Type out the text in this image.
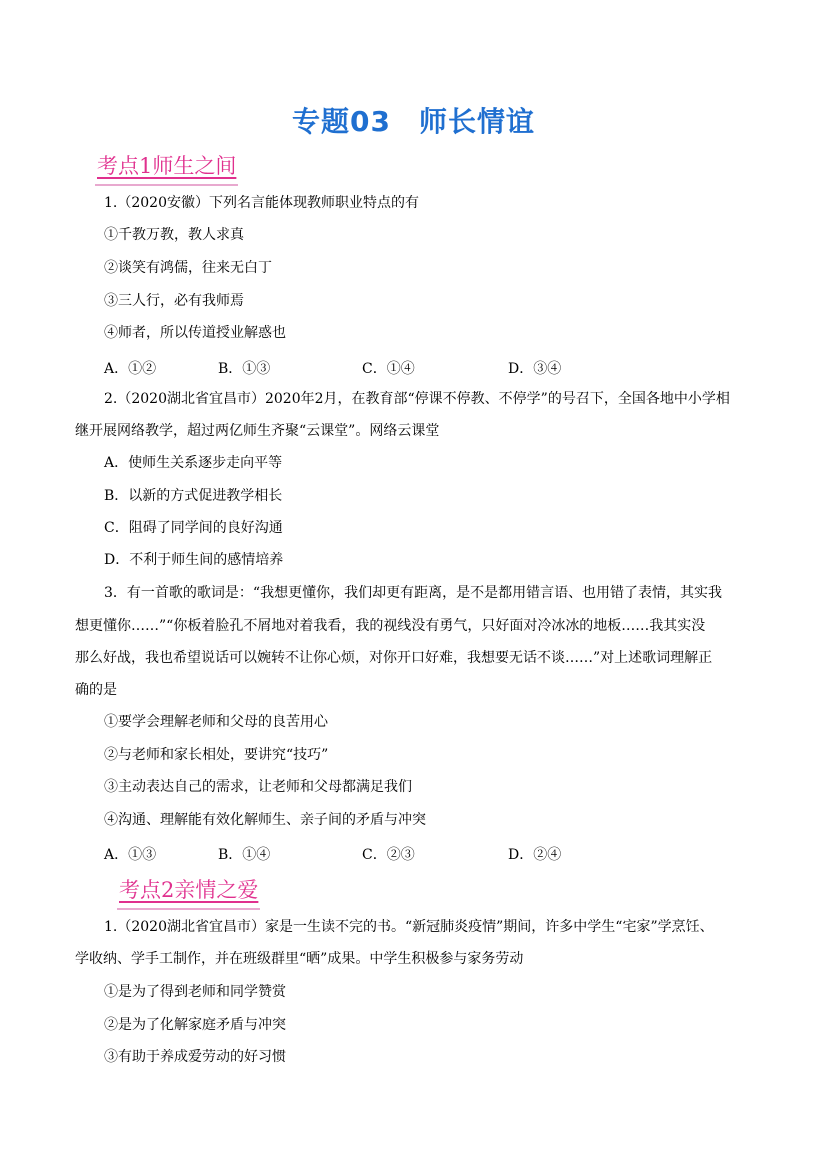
专题03 师长情谊
考点1师生之间
1.（2020安徽）下列名言能体现教师职业特点的有
①千教万教，教人求真
②谈笑有鸿儒，往来无白丁
③三人行，必有我师焉
④师者，所以传道授业解惑也
A．①②	B．①③	C．①④	D．③④
2.（2020湖北省宜昌市）2020年2月，在教育部“停课不停教、不停学”的号召下，全国各地中小学相
继开展网络教学，超过两亿师生齐聚“云课堂”。网络云课堂
A．使师生关系逐步走向平等
B．以新的方式促进教学相长
C．阻碍了同学间的良好沟通
D．不利于师生间的感情培养
3．有一首歌的歌词是：“我想更懂你，我们却更有距离，是不是都用错言语、也用错了表情，其实我
想更懂你……”“你板着脸孔不屑地对着我看，我的视线没有勇气，只好面对冷冰冰的地板……我其实没
那么好战，我也希望说话可以婉转不让你心烦，对你开口好难，我想要无话不谈……”对上述歌词理解正
确的是
①要学会理解老师和父母的良苦用心
②与老师和家长相处，要讲究“技巧”
③主动表达自己的需求，让老师和父母都满足我们
④沟通、理解能有效化解师生、亲子间的矛盾与冲突
A．①③	B．①④	C．②③	D．②④
考点2亲情之爱
1.（2020湖北省宜昌市）家是一生读不完的书。“新冠肺炎疫情”期间，许多中学生“宅家”学烹饪、
学收纳、学手工制作，并在班级群里“晒”成果。中学生积极参与家务劳动
①是为了得到老师和同学赞赏
②是为了化解家庭矛盾与冲突
③有助于养成爱劳动的好习惯
